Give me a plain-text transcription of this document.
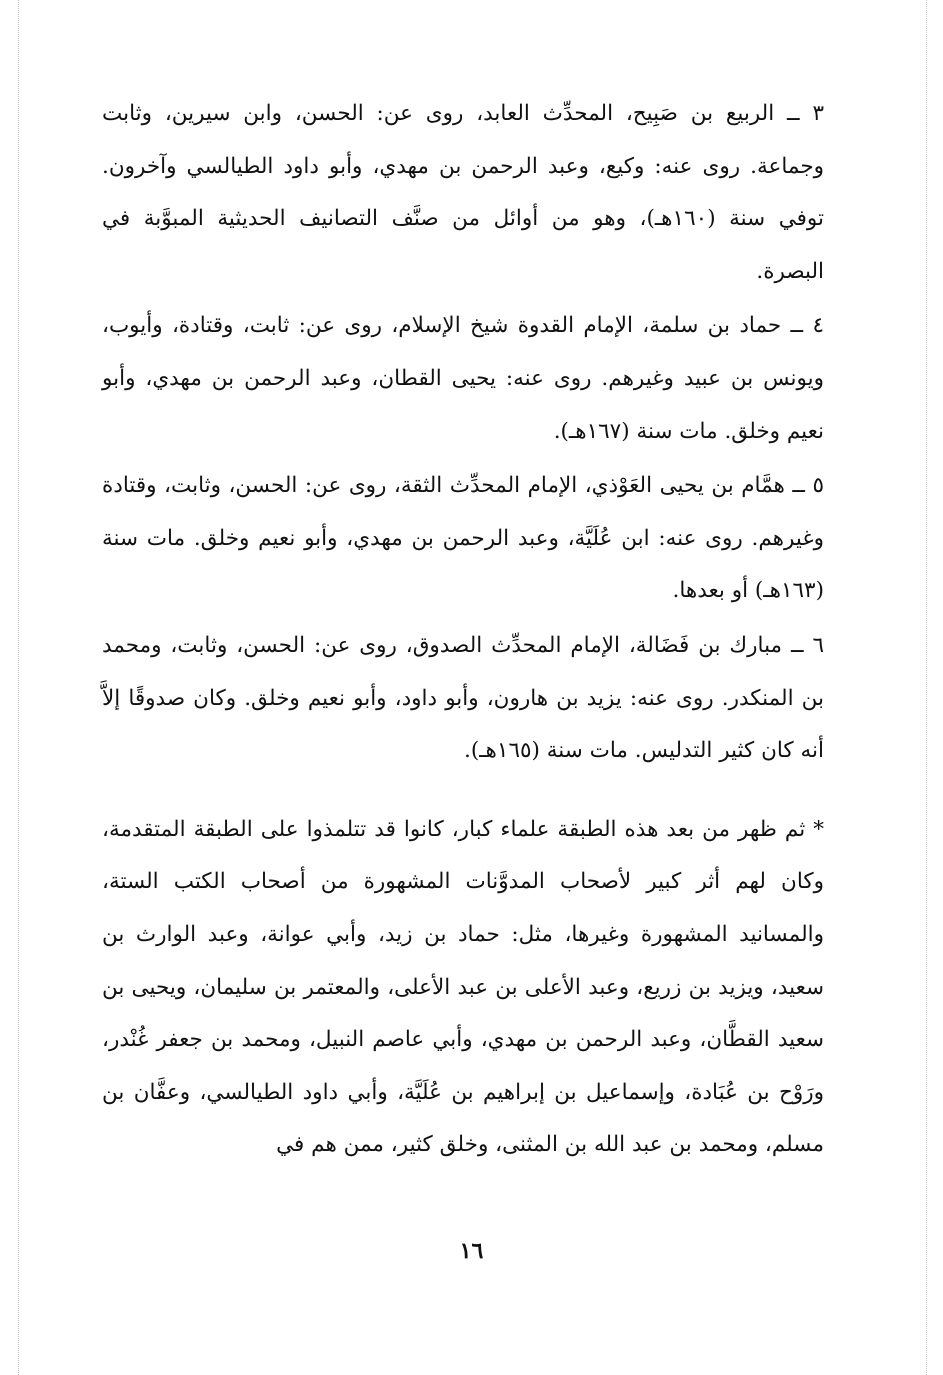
٣ ــ الربيع بن صَبِيح، المحدِّث العابد، روى عن: الحسن، وابن سيرين، وثابت وجماعة. روى عنه: وكيع، وعبد الرحمن بن مهدي، وأبو داود الطيالسي وآخرون. توفي سنة (١٦٠هـ)، وهو من أوائل من صنَّف التصانيف الحديثية المبوَّبة في البصرة.

٤ ــ حماد بن سلمة، الإمام القدوة شيخ الإسلام، روى عن: ثابت، وقتادة، وأيوب، ويونس بن عبيد وغيرهم. روى عنه: يحيى القطان، وعبد الرحمن بن مهدي، وأبو نعيم وخلق. مات سنة (١٦٧هـ).

٥ ــ همَّام بن يحيى العَوْذي، الإمام المحدِّث الثقة، روى عن: الحسن، وثابت، وقتادة وغيرهم. روى عنه: ابن عُلَيَّة، وعبد الرحمن بن مهدي، وأبو نعيم وخلق. مات سنة (١٦٣هـ) أو بعدها.

٦ ــ مبارك بن فَضَالة، الإمام المحدِّث الصدوق، روى عن: الحسن، وثابت، ومحمد بن المنكدر. روى عنه: يزيد بن هارون، وأبو داود، وأبو نعيم وخلق. وكان صدوقًا إلاَّ أنه كان كثير التدليس. مات سنة (١٦٥هـ).

* ثم ظهر من بعد هذه الطبقة علماء كبار، كانوا قد تتلمذوا على الطبقة المتقدمة، وكان لهم أثر كبير لأصحاب المدوَّنات المشهورة من أصحاب الكتب الستة، والمسانيد المشهورة وغيرها، مثل: حماد بن زيد، وأبي عوانة، وعبد الوارث بن سعيد، ويزيد بن زريع، وعبد الأعلى بن عبد الأعلى، والمعتمر بن سليمان، ويحيى بن سعيد القطَّان، وعبد الرحمن بن مهدي، وأبي عاصم النبيل، ومحمد بن جعفر غُنْدر، ورَوْح بن عُبَادة، وإسماعيل بن إبراهيم بن عُلَيَّة، وأبي داود الطيالسي، وعفَّان بن مسلم، ومحمد بن عبد الله بن المثنى، وخلق كثير، ممن هم في

١٦
